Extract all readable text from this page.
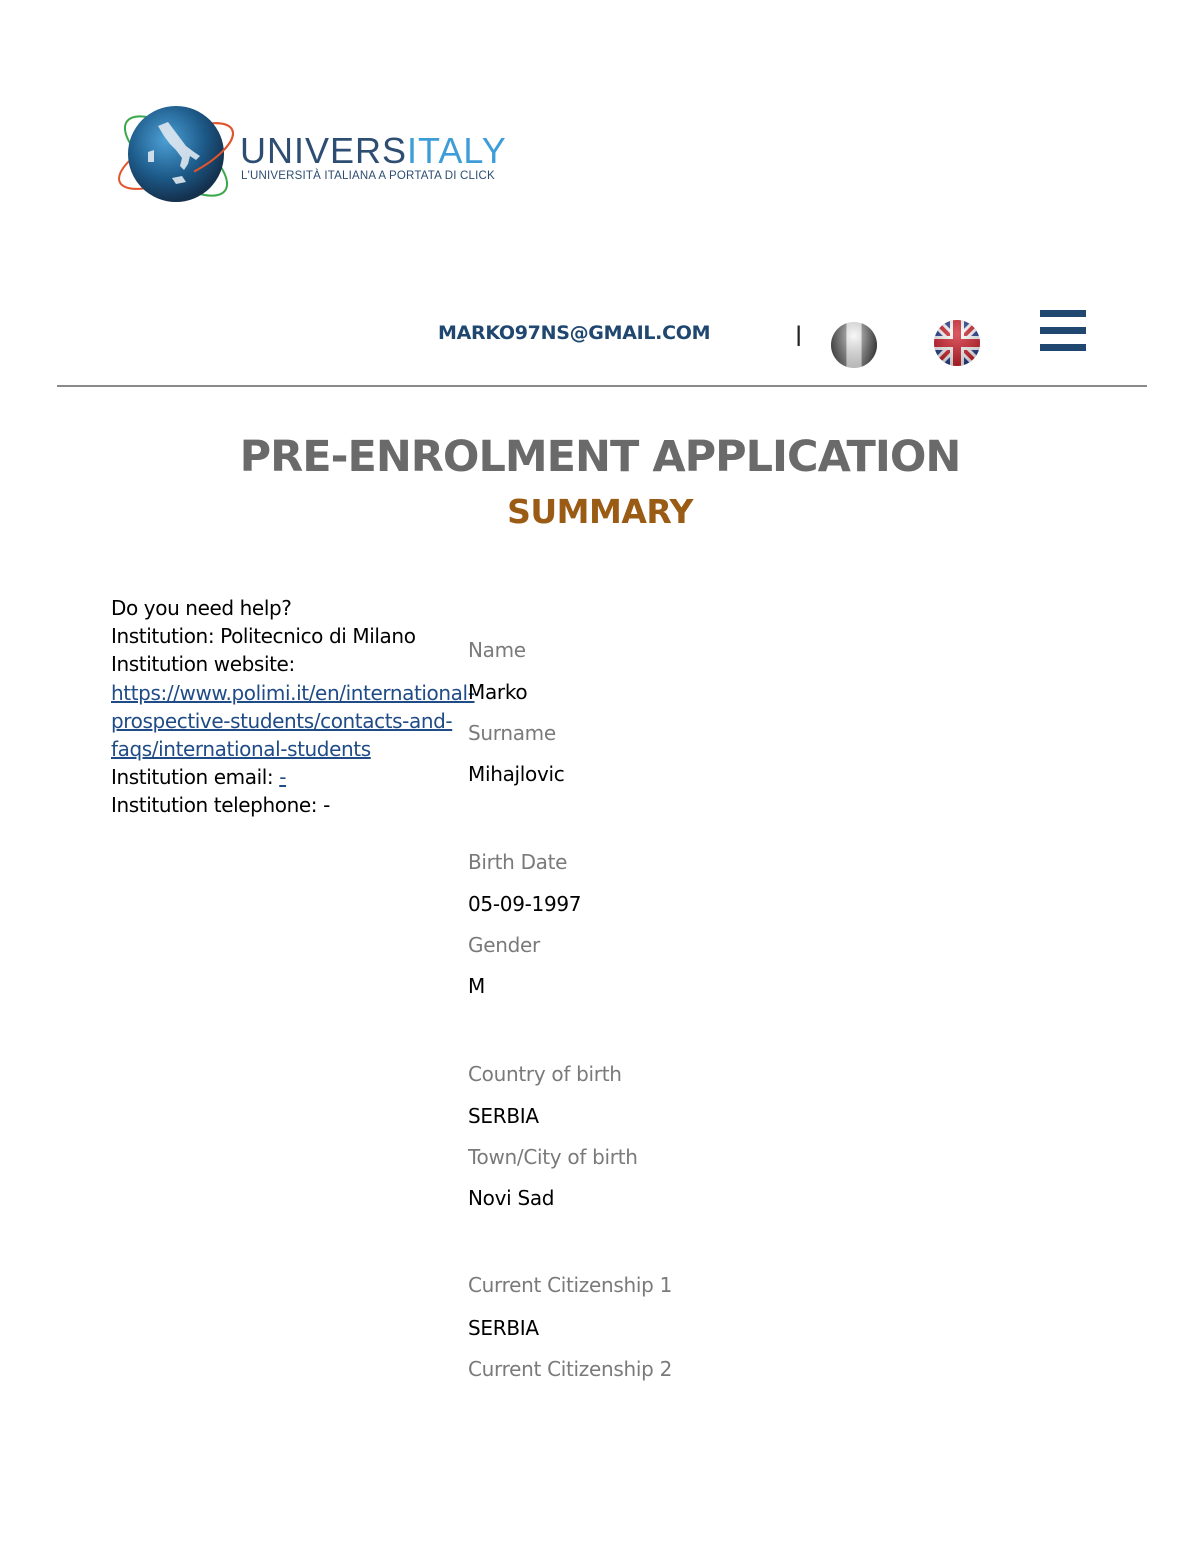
UNIVERSITALY
L'UNIVERSITÀ ITALIANA A PORTATA DI CLICK
MARKO97NS@GMAIL.COM	|
PRE-ENROLMENT APPLICATION
SUMMARY
Do you need help?
Institution: Politecnico di Milano
Institution website:
https://www.polimi.it/en/international-
prospective-students/contacts-and-
faqs/international-students
Institution email: -
Institution telephone: -
Name
Marko
Surname
Mihajlovic
Birth Date
05-09-1997
Gender
M
Country of birth
SERBIA
Town/City of birth
Novi Sad
Current Citizenship 1
SERBIA
Current Citizenship 2
